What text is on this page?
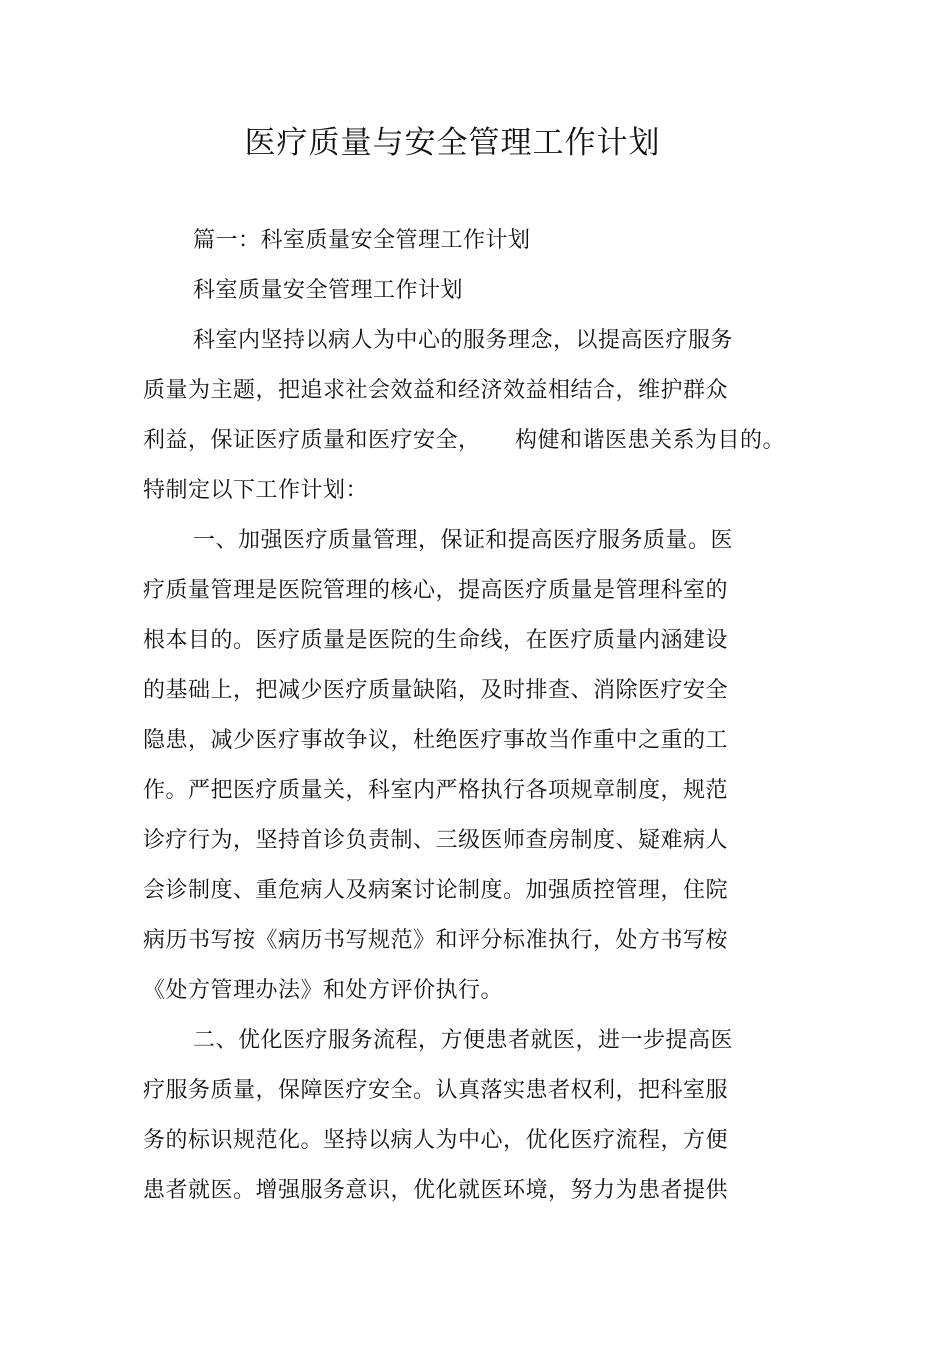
医疗质量与安全管理工作计划
篇一：科室质量安全管理工作计划
科室质量安全管理工作计划
科室内坚持以病人为中心的服务理念，以提高医疗服务
质量为主题，把追求社会效益和经济效益相结合，维护群众
利益，保证医疗质量和医疗安全， 构健和谐医患关系为目的。
特制定以下工作计划：
一、加强医疗质量管理，保证和提高医疗服务质量。医
疗质量管理是医院管理的核心，提高医疗质量是管理科室的
根本目的。医疗质量是医院的生命线，在医疗质量内涵建设
的基础上，把减少医疗质量缺陷，及时排查、消除医疗安全
隐患，减少医疗事故争议，杜绝医疗事故当作重中之重的工
作。严把医疗质量关，科室内严格执行各项规章制度，规范
诊疗行为，坚持首诊负责制、三级医师查房制度、疑难病人
会诊制度、重危病人及病案讨论制度。加强质控管理，住院
病历书写按《病历书写规范》和评分标准执行，处方书写桉
《处方管理办法》和处方评价执行。
二、优化医疗服务流程，方便患者就医，进一步提高医
疗服务质量，保障医疗安全。认真落实患者权利，把科室服
务的标识规范化。坚持以病人为中心，优化医疗流程，方便
患者就医。增强服务意识，优化就医环境，努力为患者提供
